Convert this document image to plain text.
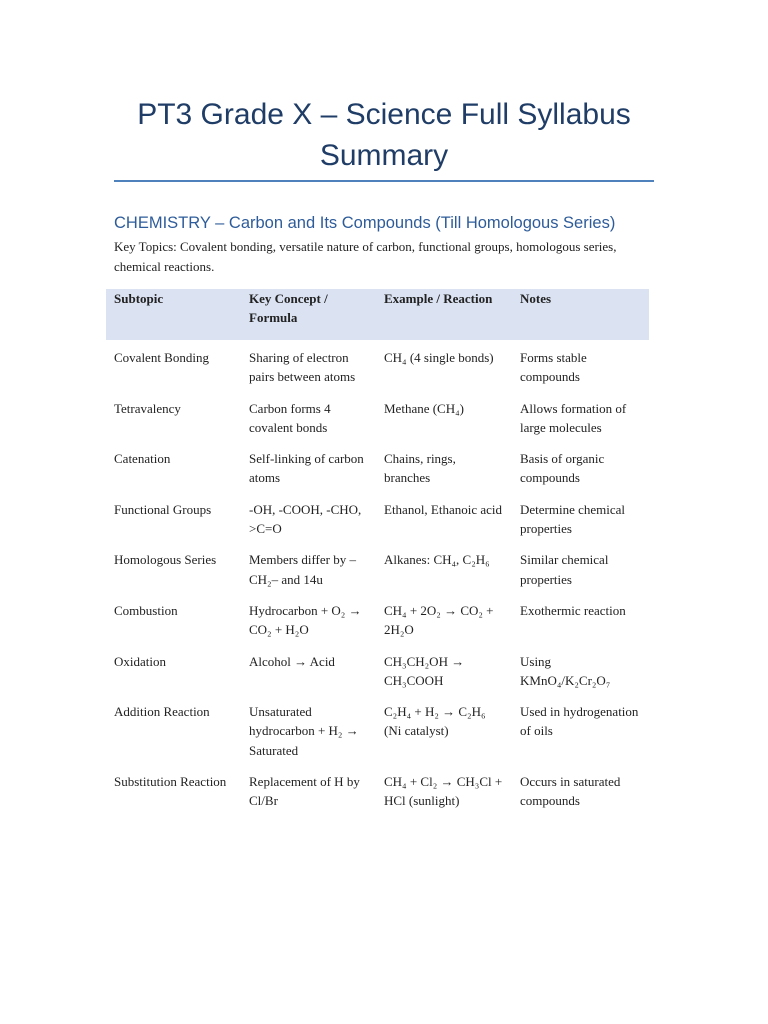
PT3 Grade X – Science Full Syllabus Summary
CHEMISTRY – Carbon and Its Compounds (Till Homologous Series)

Key Topics: Covalent bonding, versatile nature of carbon, functional groups, homologous series, chemical reactions.

Subtopic	Key Concept / Formula	Example / Reaction	Notes

Covalent Bonding	Sharing of electron pairs between atoms	CH₄ (4 single bonds)	Forms stable compounds
Tetravalency	Carbon forms 4 covalent bonds	Methane (CH₄)	Allows formation of large molecules
Catenation	Self-linking of carbon atoms	Chains, rings, branches	Basis of organic compounds
Functional Groups	-OH, -COOH, -CHO, >C=O	Ethanol, Ethanoic acid	Determine chemical properties
Homologous Series	Members differ by –CH₂– and 14u	Alkanes: CH₄, C₂H₆	Similar chemical properties
Combustion	Hydrocarbon + O₂ → CO₂ + H₂O	CH₄ + 2O₂ → CO₂ + 2H₂O	Exothermic reaction
Oxidation	Alcohol → Acid	CH₃CH₂OH → CH₃COOH	Using KMnO₄/K₂Cr₂O₇
Addition Reaction	Unsaturated hydrocarbon + H₂ → Saturated	C₂H₄ + H₂ → C₂H₆ (Ni catalyst)	Used in hydrogenation of oils
Substitution Reaction	Replacement of H by Cl/Br	CH₄ + Cl₂ → CH₃Cl + HCl (sunlight)	Occurs in saturated compounds
